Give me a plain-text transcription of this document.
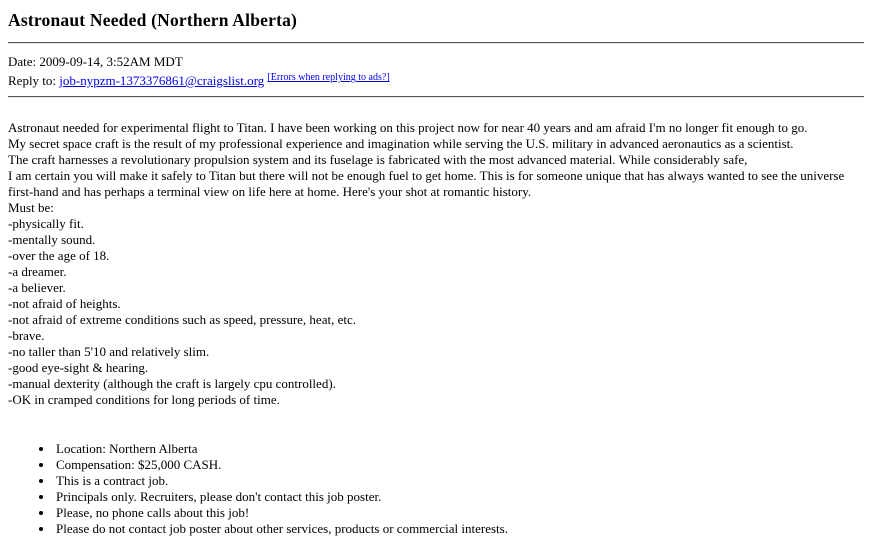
Astronaut Needed (Northern Alberta)
Date: 2009-09-14, 3:52AM MDT
Reply to: job-nypzm-1373376861@craigslist.org [Errors when replying to ads?]
Astronaut needed for experimental flight to Titan. I have been working on this project now for near 40 years and am afraid I'm no longer fit enough to go.
My secret space craft is the result of my professional experience and imagination while serving the U.S. military in advanced aeronautics as a scientist.
The craft harnesses a revolutionary propulsion system and its fuselage is fabricated with the most advanced material. While considerably safe,
I am certain you will make it safely to Titan but there will not be enough fuel to get home. This is for someone unique that has always wanted to see the universe
first-hand and has perhaps a terminal view on life here at home. Here's your shot at romantic history.
Must be:
-physically fit.
-mentally sound.
-over the age of 18.
-a dreamer.
-a believer.
-not afraid of heights.
-not afraid of extreme conditions such as speed, pressure, heat, etc.
-brave.
-no taller than 5'10 and relatively slim.
-good eye-sight & hearing.
-manual dexterity (although the craft is largely cpu controlled).
-OK in cramped conditions for long periods of time.
• Location: Northern Alberta
• Compensation: $25,000 CASH.
• This is a contract job.
• Principals only. Recruiters, please don't contact this job poster.
• Please, no phone calls about this job!
• Please do not contact job poster about other services, products or commercial interests.
